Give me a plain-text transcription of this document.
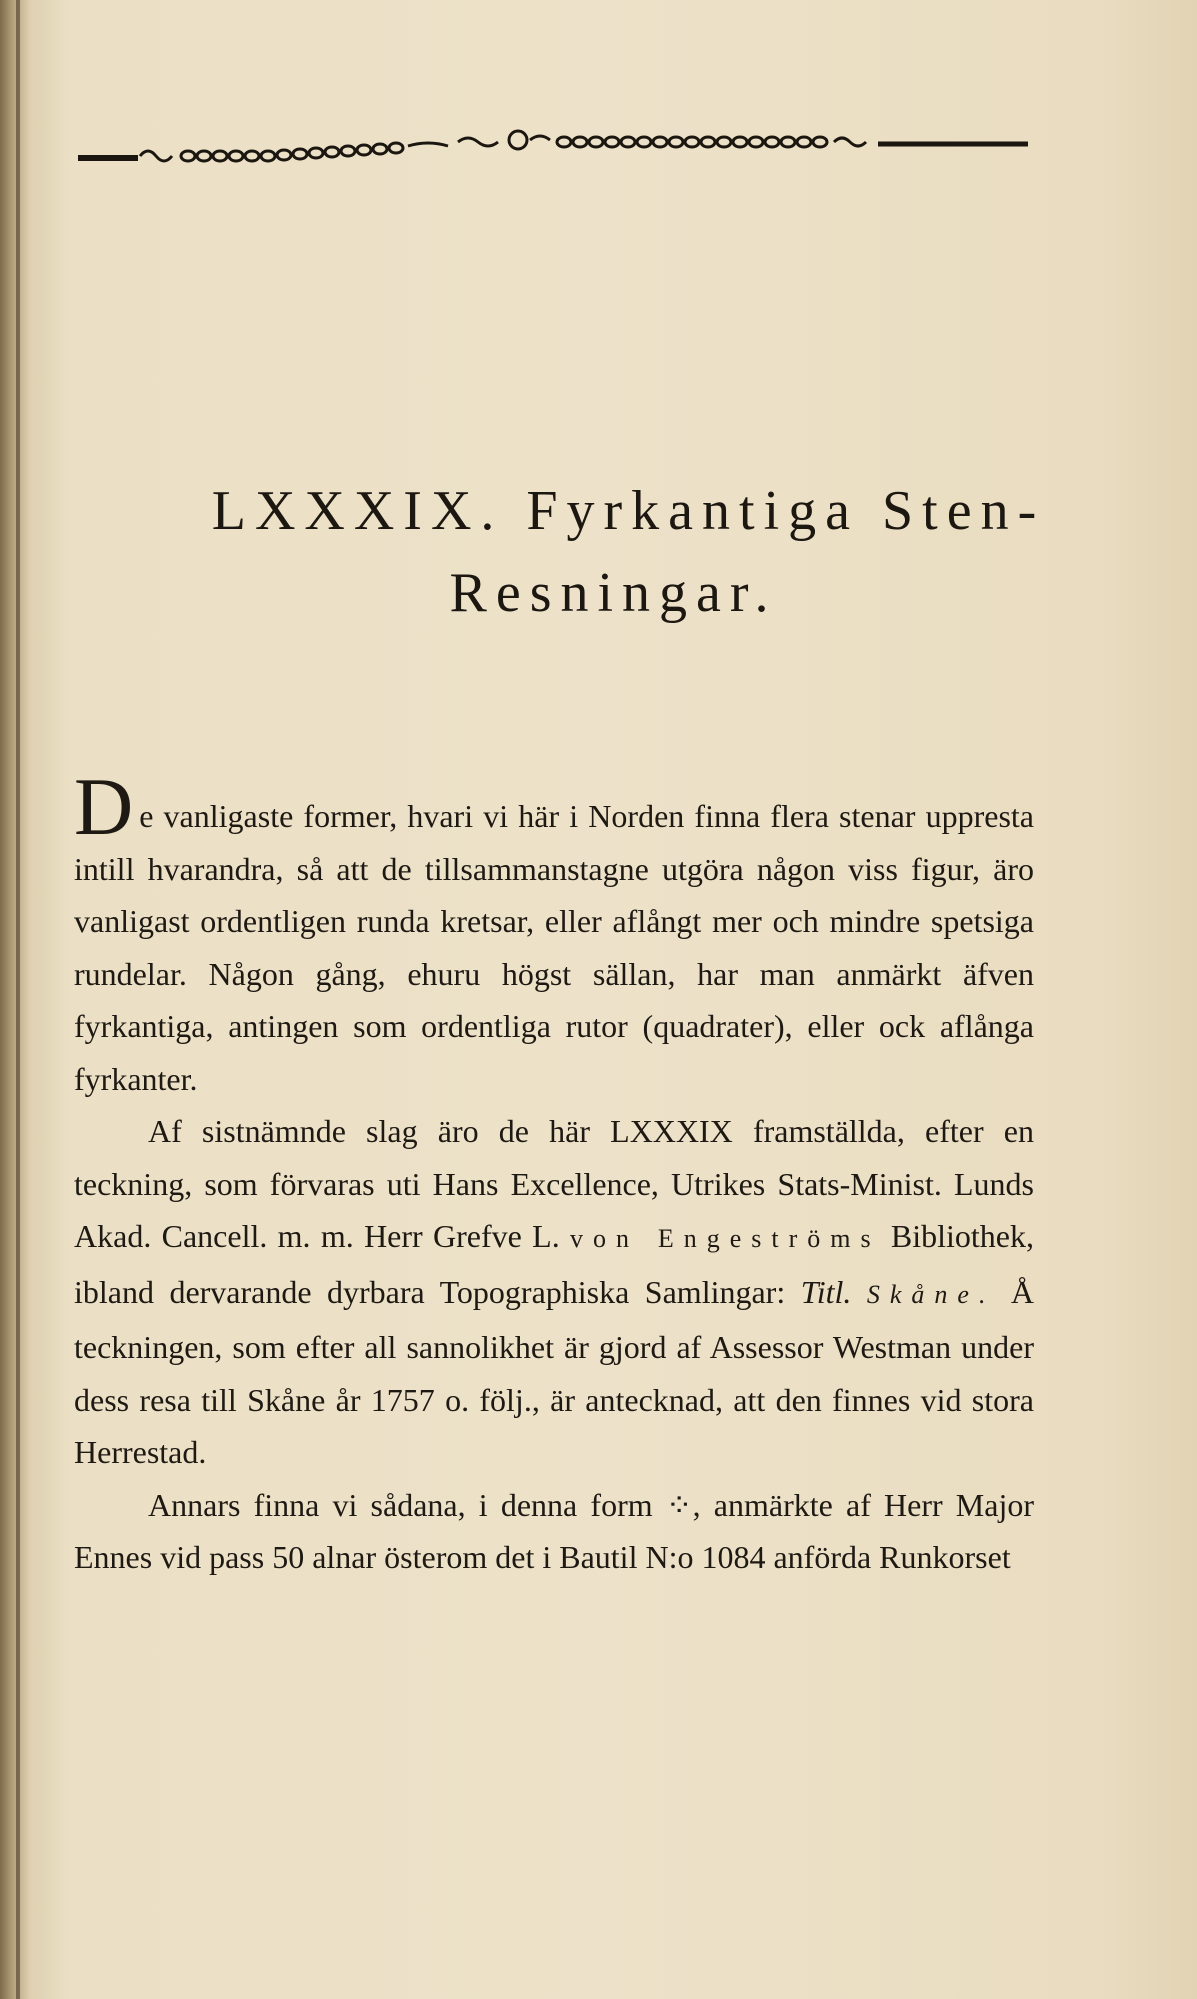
LXXXIX. Fyrkantiga Sten-
Resningar.

De vanligaste former, hvari vi här i Norden finna flera stenar uppresta intill hvarandra, så att de tillsammanstagne utgöra någon viss figur, äro vanligast ordentligen runda kretsar, eller aflångt mer och mindre spetsiga rundelar. Någon gång, ehuru högst sällan, har man anmärkt äfven fyrkantiga, antingen som ordentliga rutor (quadrater), eller ock aflånga fyrkanter.

Af sistnämnde slag äro de här LXXXIX framställda, efter en teckning, som förvaras uti Hans Excellence, Utrikes Stats-Minist. Lunds Akad. Cancell. m. m. Herr Grefve L. von Engeströms Bibliothek, ibland dervarande dyrbara Topographiska Samlingar: Titl. Skåne. Å teckningen, som efter all sannolikhet är gjord af Assessor Westman under dess resa till Skåne år 1757 o. följ., är antecknad, att den finnes vid stora Herrestad.

Annars finna vi sådana, i denna form ⁘, anmärkte af Herr Major Ennes vid pass 50 alnar österom det i Bautil N:o 1084 anförda Runkorset
